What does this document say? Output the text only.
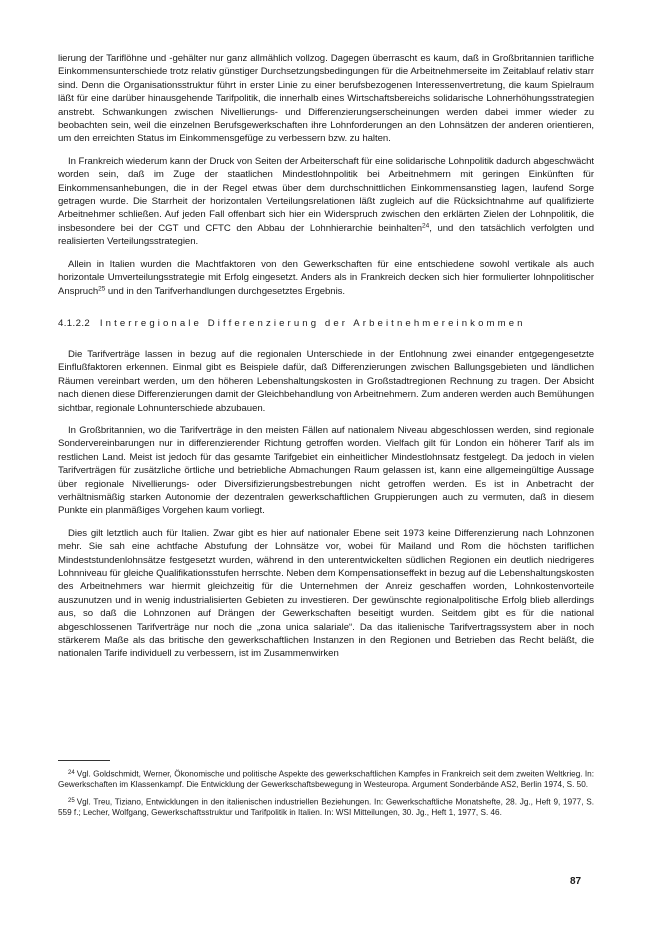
lierung der Tariflöhne und -gehälter nur ganz allmählich vollzog. Dagegen überrascht es kaum, daß in Großbritannien tarifliche Einkommensunterschiede trotz relativ günstiger Durchsetzungsbedingungen für die Arbeitnehmerseite im Zeitablauf relativ starr sind. Denn die Organisationsstruktur führt in erster Linie zu einer berufsbezogenen Interessenvertretung, die kaum Spielraum läßt für eine darüber hinausgehende Tarifpolitik, die innerhalb eines Wirtschaftsbereichs solidarische Lohnerhöhungsstrategien anstrebt. Schwankungen zwischen Nivellierungs- und Differenzierungserscheinungen werden dabei immer wieder zu beobachten sein, weil die einzelnen Berufsgewerkschaften ihre Lohnforderungen an den Lohnsätzen der anderen orientieren, um den erreichten Status im Einkommensgefüge zu verbessern bzw. zu halten.

In Frankreich wiederum kann der Druck von Seiten der Arbeiterschaft für eine solidarische Lohnpolitik dadurch abgeschwächt worden sein, daß im Zuge der staatlichen Mindestlohnpolitik bei Arbeitnehmern mit geringen Einkünften für Einkommensanhebungen, die in der Regel etwas über dem durchschnittlichen Einkommensanstieg lagen, laufend Sorge getragen wurde. Die Starrheit der horizontalen Verteilungsrelationen läßt zugleich auf die Rücksichtnahme auf qualifizierte Arbeitnehmer schließen. Auf jeden Fall offenbart sich hier ein Widerspruch zwischen den erklärten Zielen der Lohnpolitik, die insbesondere bei der CGT und CFTC den Abbau der Lohnhierarchie beinhalten$^{24}$, und den tatsächlich verfolgten und realisierten Verteilungsstrategien.

Allein in Italien wurden die Machtfaktoren von den Gewerkschaften für eine entschiedene sowohl vertikale als auch horizontale Umverteilungsstrategie mit Erfolg eingesetzt. Anders als in Frankreich decken sich hier formulierter lohnpolitischer Anspruch$^{25}$ und in den Tarifverhandlungen durchgesetztes Ergebnis.

4.1.2.2 Interregionale Differenzierung der Arbeitnehmereinkommen

Die Tarifverträge lassen in bezug auf die regionalen Unterschiede in der Entlohnung zwei einander entgegengesetzte Einflußfaktoren erkennen. Einmal gibt es Beispiele dafür, daß Differenzierungen zwischen Ballungsgebieten und ländlichen Räumen vereinbart werden, um den höheren Lebenshaltungskosten in Großstadtregionen Rechnung zu tragen. Der Absicht nach dienen diese Differenzierungen damit der Gleichbehandlung von Arbeitnehmern. Zum anderen werden auch Bemühungen sichtbar, regionale Lohnunterschiede abzubauen.

In Großbritannien, wo die Tarifverträge in den meisten Fällen auf nationalem Niveau abgeschlossen werden, sind regionale Sondervereinbarungen nur in differenzierender Richtung getroffen worden. Vielfach gilt für London ein höherer Tarif als im restlichen Land. Meist ist jedoch für das gesamte Tarifgebiet ein einheitlicher Mindestlohnsatz festgelegt. Da jedoch in vielen Tarifverträgen für zusätzliche örtliche und betriebliche Abmachungen Raum gelassen ist, kann eine allgemeingültige Aussage über regionale Nivellierungs- oder Diversifizierungsbestrebungen nicht getroffen werden. Es ist in Anbetracht der verhältnismäßig starken Autonomie der dezentralen gewerkschaftlichen Gruppierungen auch zu vermuten, daß in diesem Punkte ein planmäßiges Vorgehen kaum vorliegt.

Dies gilt letztlich auch für Italien. Zwar gibt es hier auf nationaler Ebene seit 1973 keine Differenzierung nach Lohnzonen mehr. Sie sah eine achtfache Abstufung der Lohnsätze vor, wobei für Mailand und Rom die höchsten tariflichen Mindeststundenlohnsätze festgesetzt wurden, während in den unterentwickelten südlichen Regionen ein deutlich niedrigeres Lohnniveau für gleiche Qualifikationsstufen herrschte. Neben dem Kompensationseffekt in bezug auf die Lebenshaltungskosten des Arbeitnehmers war hiermit gleichzeitig für die Unternehmen der Anreiz geschaffen worden, Lohnkostenvorteile auszunutzen und in wenig industrialisierten Gebieten zu investieren. Der gewünschte regionalpolitische Erfolg blieb allerdings aus, so daß die Lohnzonen auf Drängen der Gewerkschaften beseitigt wurden. Seitdem gibt es für die national abgeschlossenen Tarifverträge nur noch die „zona unica salariale“. Da das italienische Tarifvertragssystem aber in noch stärkerem Maße als das britische den gewerkschaftlichen Instanzen in den Regionen und Betrieben das Recht beläßt, die nationalen Tarife individuell zu verbessern, ist im Zusammenwirken

$^{24}$ Vgl. Goldschmidt, Werner, Ökonomische und politische Aspekte des gewerkschaftlichen Kampfes in Frankreich seit dem zweiten Weltkrieg. In: Gewerkschaften im Klassenkampf. Die Entwicklung der Gewerkschaftsbewegung in Westeuropa. Argument Sonderbände AS2, Berlin 1974, S. 50.

$^{25}$ Vgl. Treu, Tiziano, Entwicklungen in den italienischen industriellen Beziehungen. In: Gewerkschaftliche Monatshefte, 28. Jg., Heft 9, 1977, S. 559 f.; Lecher, Wolfgang, Gewerkschaftsstruktur und Tarifpolitik in Italien. In: WSI Mitteilungen, 30. Jg., Heft 1, 1977, S. 46.

87
